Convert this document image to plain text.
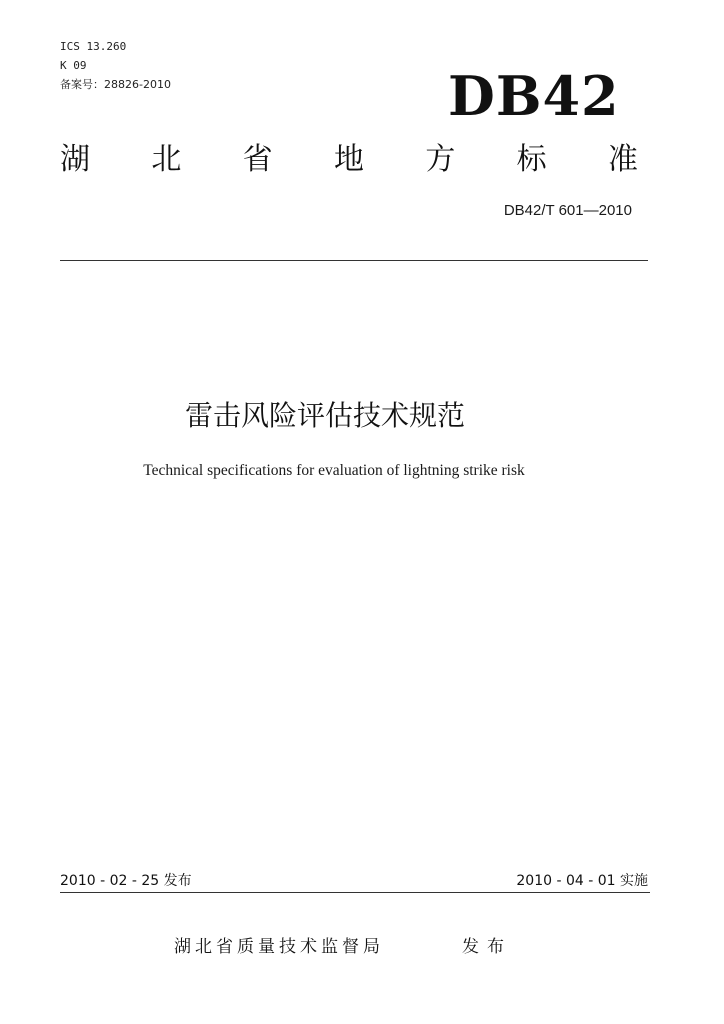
ICS 13.260
K 09
备案号：28826-2010	DB42
湖 北 省 地 方 标 准
DB42/T 601—2010
雷击风险评估技术规范
Technical specifications for evaluation of lightning strike risk
2010 - 02 - 25 发布	2010 - 04 - 01 实施
湖北省质量技术监督局	发布
